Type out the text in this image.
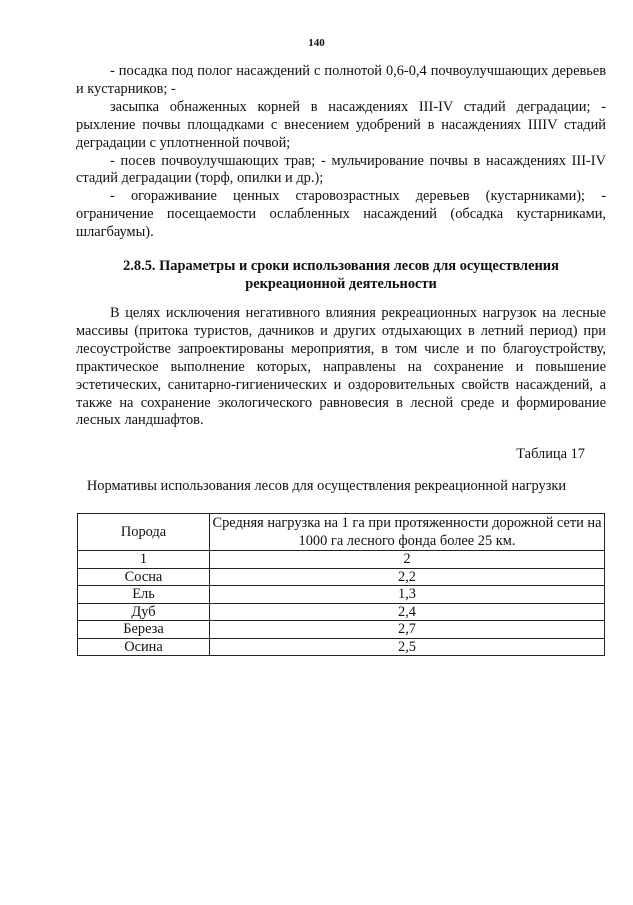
140

- посадка под полог насаждений с полнотой 0,6-0,4 почвоулучшающих деревьев и кустарников; -

засыпка обнаженных корней в насаждениях III-IV стадий деградации; - рыхление почвы площадками с внесением удобрений в насаждениях IIIIV стадий деградации с уплотненной почвой;

- посев почвоулучшающих трав; - мульчирование почвы в насаждениях III-IV стадий деградации (торф, опилки и др.);

- огораживание ценных старовозрастных деревьев (кустарниками); - ограничение посещаемости ослабленных насаждений (обсадка кустарниками, шлагбаумы).

2.8.5. Параметры и сроки использования лесов для осуществления
рекреационной деятельности

В целях исключения негативного влияния рекреационных нагрузок на лесные массивы (притока туристов, дачников и других отдыхающих в летний период) при лесоустройстве запроектированы мероприятия, в том числе и по благоустройству, практическое выполнение которых, направлены на сохранение и повышение эстетических, санитарно-гигиенических и оздоровительных свойств насаждений, а также на сохранение экологического равновесия в лесной среде и формирование лесных ландшафтов.

Таблица 17
Нормативы использования лесов для осуществления рекреационной нагрузки
Порода	Средняя нагрузка на 1 га при протяженности дорожной сети на 1000 га лесного фонда более 25 км.
1	2
Сосна	2,2
Ель	1,3
Дуб	2,4
Береза	2,7
Осина	2,5
